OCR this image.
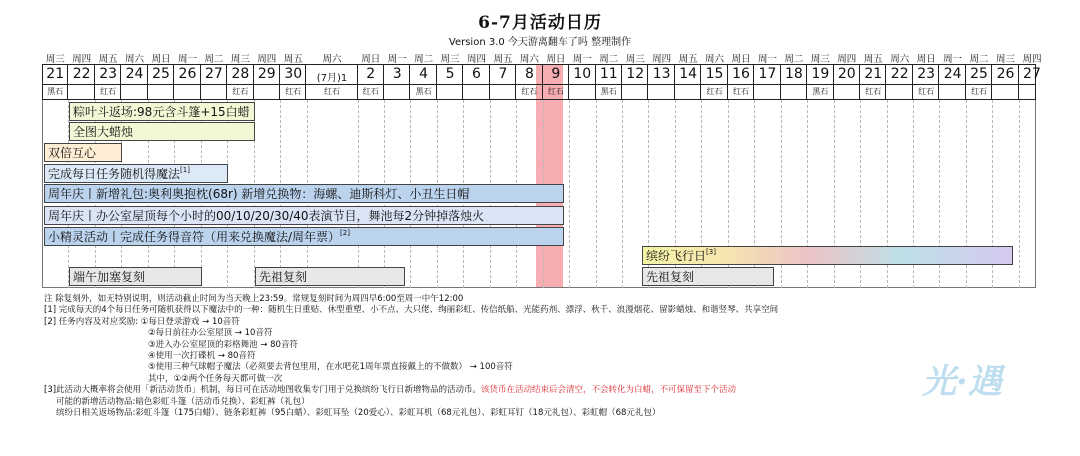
6-7月活动日历
Version 3.0 今天游离翻车了吗 整理制作
周三
21
黑石
周四
22
周五
23
红石
周六
24
周日
25
周一
26
周二
27
周三
28
红石
周四
29
周五
30
红石
周六
(7月)1
红石
周日
2
红石
周一
3
周二
4
黑石
周三
5
周四
6
周五
7
周六
8
红石
周日
9
红石
周一
10
周二
11
黑石
周三
12
周四
13
周五
14
周六
15
红石
周日
16
红石
周一
17
周二
18
周三
19
黑石
周四
20
周五
21
红石
周六
22
周日
23
红石
周一
24
周二
25
红石
周三
26
周四
27
粽叶斗返场:98元含斗篷+15白蜡
全图大蜡烛
双倍互心
完成每日任务随机得魔法[1]
周年庆丨新增礼包:奥利奥抱枕(68r) 新增兑换物：海螺、迪斯科灯、小丑生日帽
周年庆丨办公室屋顶每个小时的00/10/20/30/40表演节目，舞池每2分钟掉落烛火
小精灵活动丨完成任务得音符（用来兑换魔法/周年票）[2]
缤纷飞行日[3]
端午加塞复刻	先祖复刻	先祖复刻
注 除复刻外，如无特别说明，则活动截止时间为当天晚上23:59。常规复刻时间为周四早6:00至周一中午12:00
[1] 完成每天的4个每日任务可随机获得以下魔法中的一种：随机生日重贴、休型重塑、小不点、大只佬、绚丽彩虹、传信纸船、光能药剂、漂浮、秋千、浪漫烟花、留影蜡烛、和谐竖琴、共享空间
[2] 任务内容及对应奖励: ①每日登录游戏 → 10音符
②每日前往办公室屋顶 → 10音符
③进入办公室屋顶的彩格舞池 → 80音符
④使用一次打碟机 → 80音符
⑤使用三种气球帽子魔法（必须要去背包里用，在水吧花1周年票直接戴上的不做数） → 100音符
其中，①②两个任务每天都可做一次
[3]此活动大概率将会使用「新活动货币」机制，每日可在活动地图收集专门用于兑换缤纷飞行日新增物品的活动币。该货币在活动结束后会清空，不会转化为白蜡，不可保留至下个活动
可能的新增活动物品:暗色彩虹斗篷（活动币兑换）、彩虹裤（礼包）
缤纷日相关返场物品:彩虹斗篷（175白蜡）、链条彩虹裤（95白蜡）、彩虹耳坠（20爱心）、彩虹耳机（68元礼包）、彩虹耳钉（18元礼包）、彩虹帽（68元礼包）
光·遇
